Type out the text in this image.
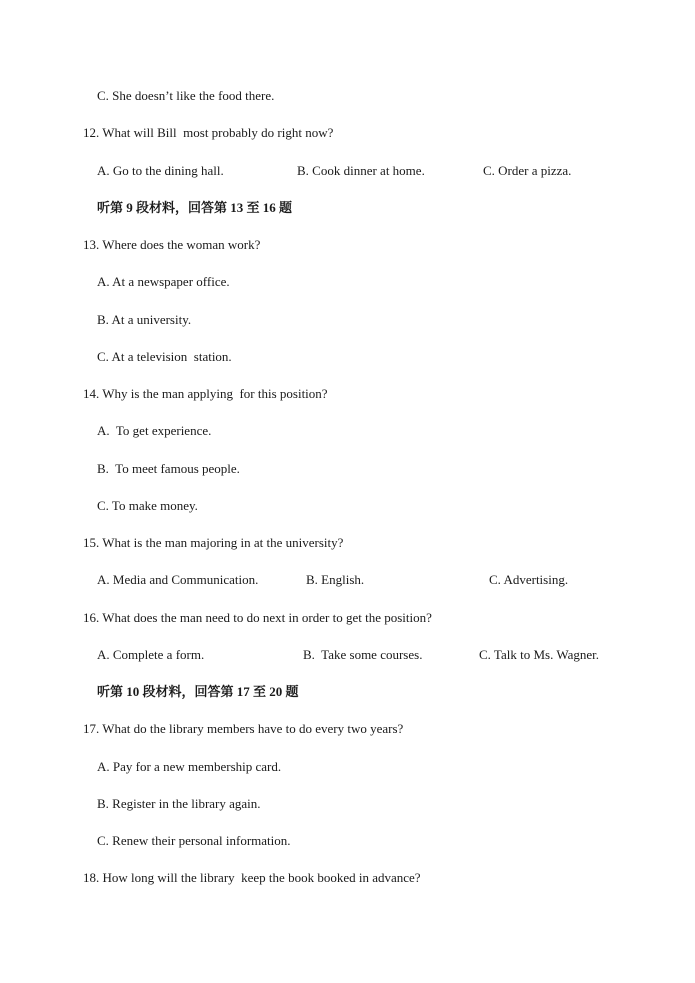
C. She doesn’t like the food there.
12. What will Bill  most probably do right now?
A. Go to the dining hall.	B. Cook dinner at home.	C. Order a pizza.
听第 9 段材料，回答第 13 至 16 题
13. Where does the woman work?
A. At a newspaper office.
B. At a university.
C. At a television  station.
14. Why is the man applying  for this position?
A.  To get experience.
B.  To meet famous people.
C. To make money.
15. What is the man majoring in at the university?
A. Media and Communication.	B. English.	C. Advertising.
16. What does the man need to do next in order to get the position?
A. Complete a form.	B.  Take some courses.	C. Talk to Ms. Wagner.
听第 10 段材料，回答第 17 至 20 题
17. What do the library members have to do every two years?
A. Pay for a new membership card.
B. Register in the library again.
C. Renew their personal information.
18. How long will the library  keep the book booked in advance?
